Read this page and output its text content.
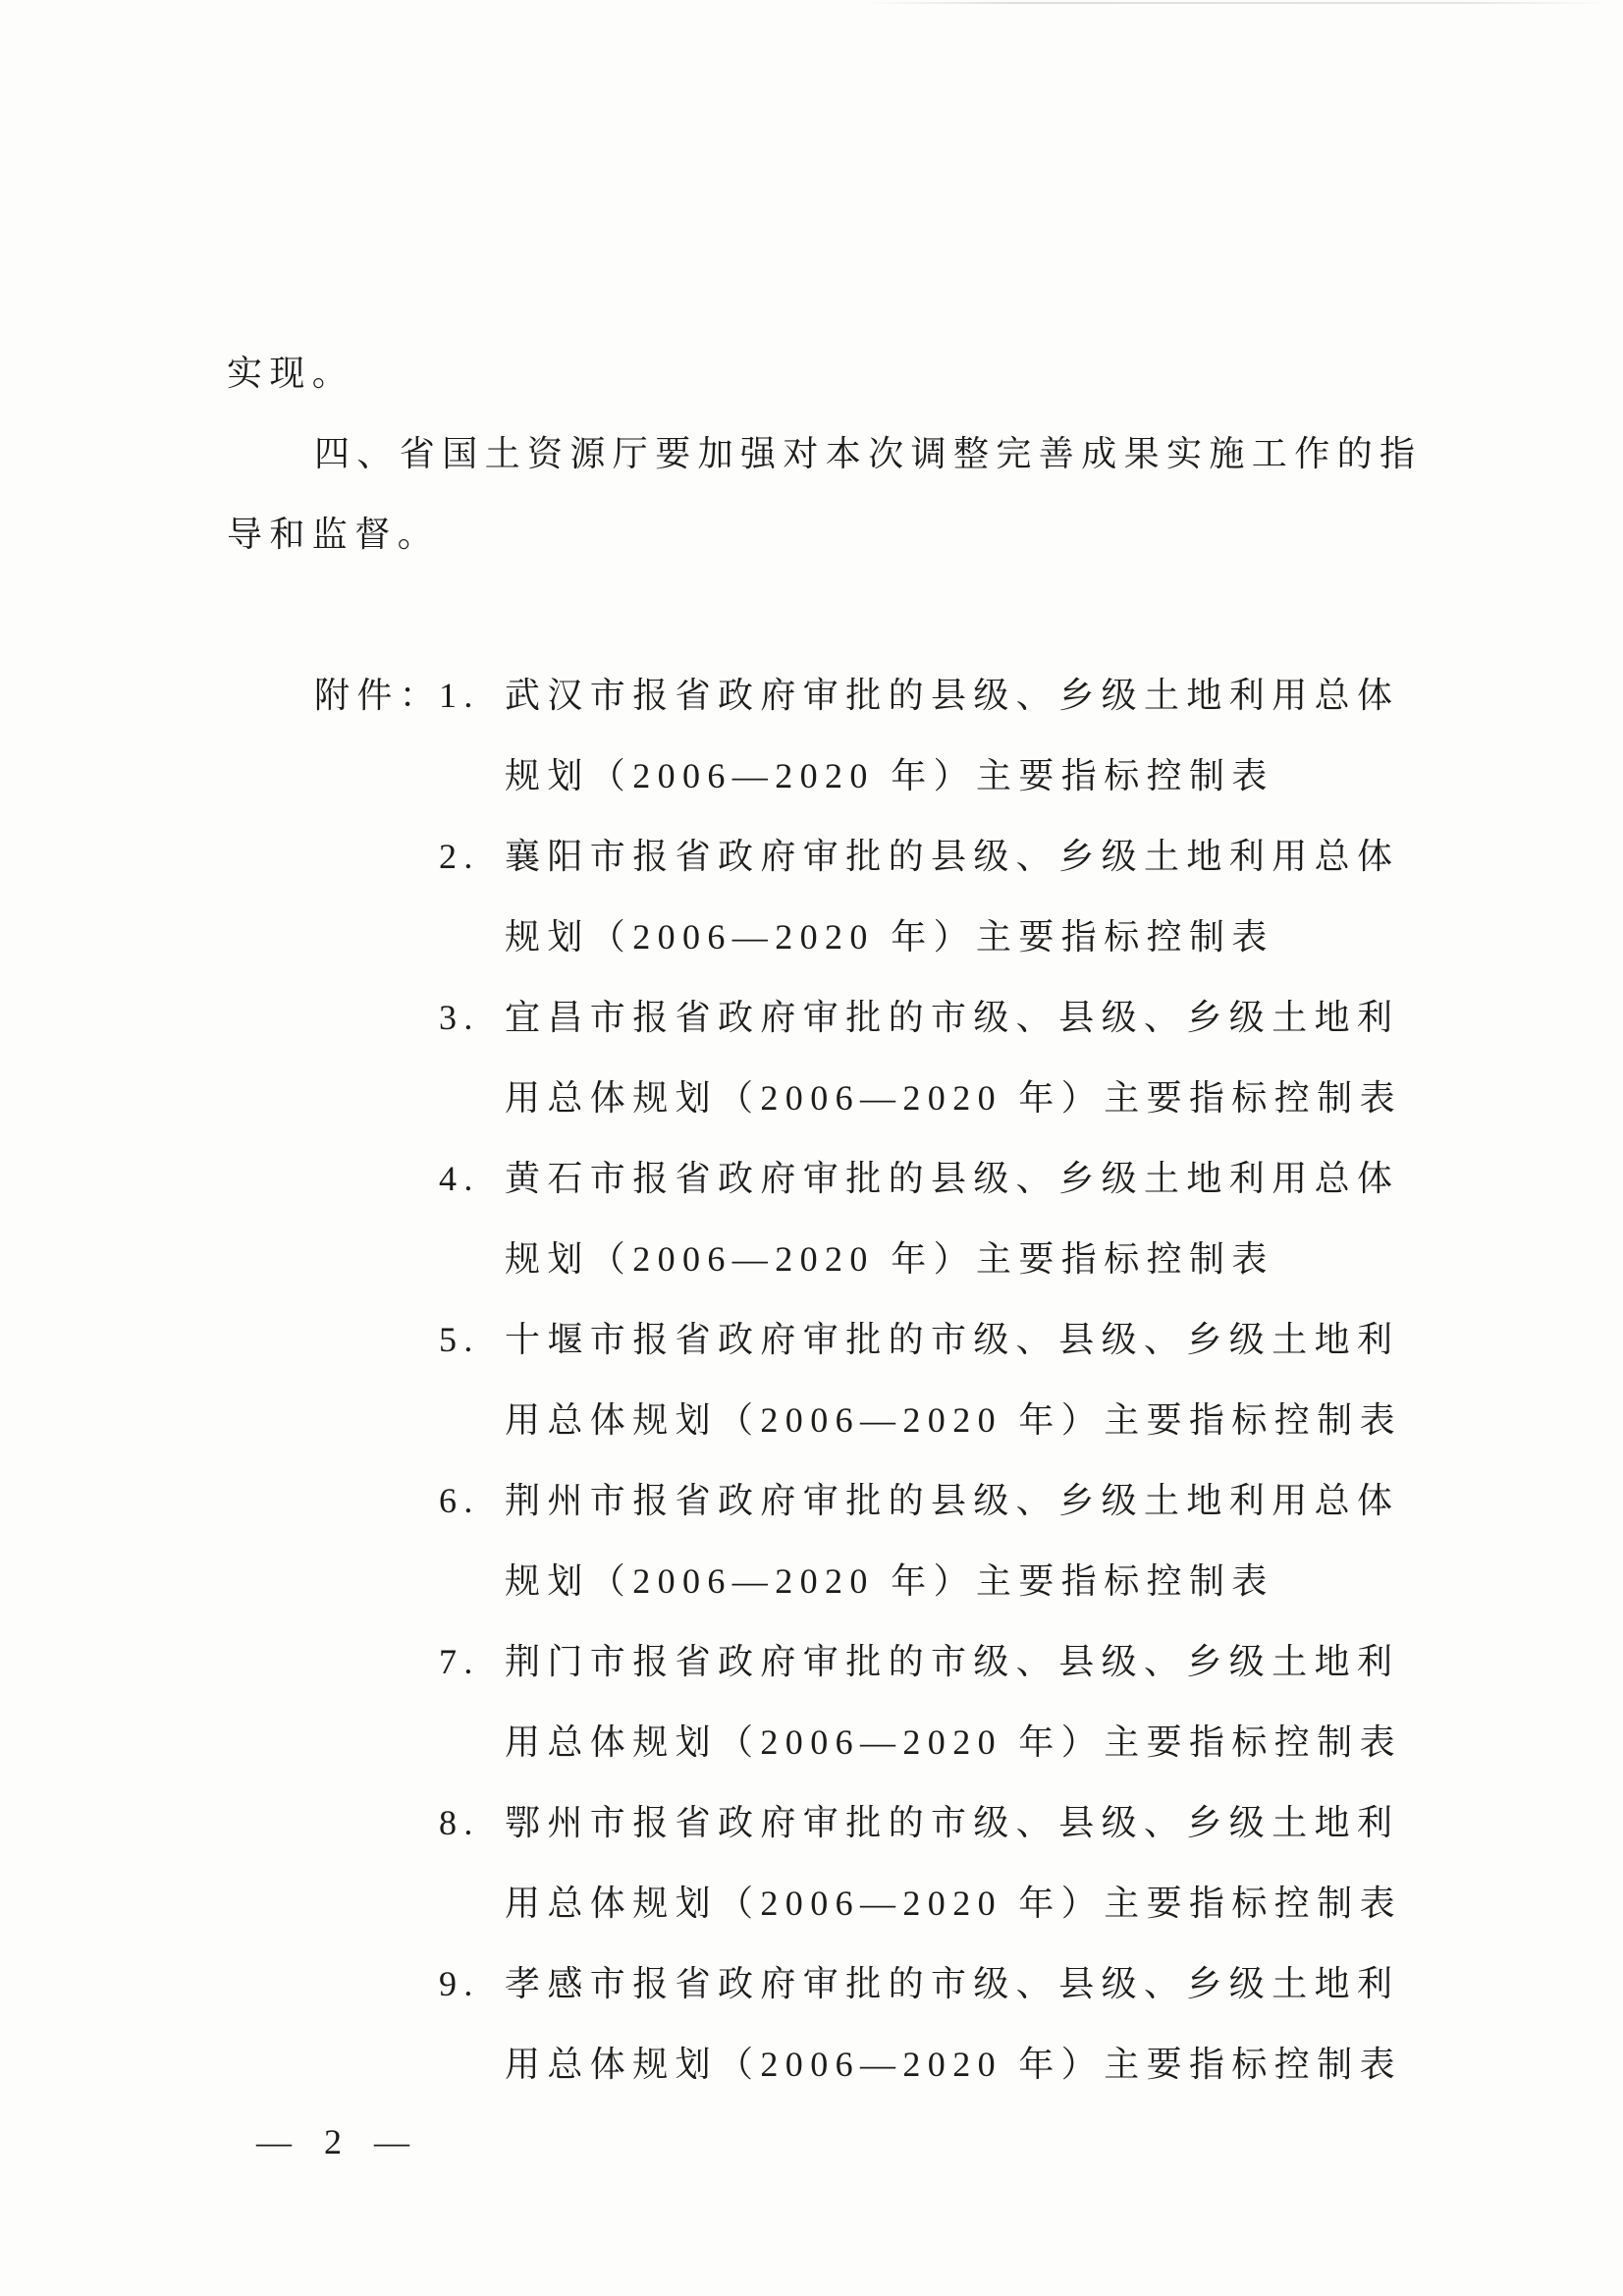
实现。
四、省国土资源厅要加强对本次调整完善成果实施工作的指
导和监督。
附件：
1. 武汉市报省政府审批的县级、乡级土地利用总体
规划（2006—2020 年）主要指标控制表
2. 襄阳市报省政府审批的县级、乡级土地利用总体
规划（2006—2020 年）主要指标控制表
3. 宜昌市报省政府审批的市级、县级、乡级土地利
用总体规划（2006—2020 年）主要指标控制表
4. 黄石市报省政府审批的县级、乡级土地利用总体
规划（2006—2020 年）主要指标控制表
5. 十堰市报省政府审批的市级、县级、乡级土地利
用总体规划（2006—2020 年）主要指标控制表
6. 荆州市报省政府审批的县级、乡级土地利用总体
规划（2006—2020 年）主要指标控制表
7. 荆门市报省政府审批的市级、县级、乡级土地利
用总体规划（2006—2020 年）主要指标控制表
8. 鄂州市报省政府审批的市级、县级、乡级土地利
用总体规划（2006—2020 年）主要指标控制表
9. 孝感市报省政府审批的市级、县级、乡级土地利
用总体规划（2006—2020 年）主要指标控制表
— 2 —
